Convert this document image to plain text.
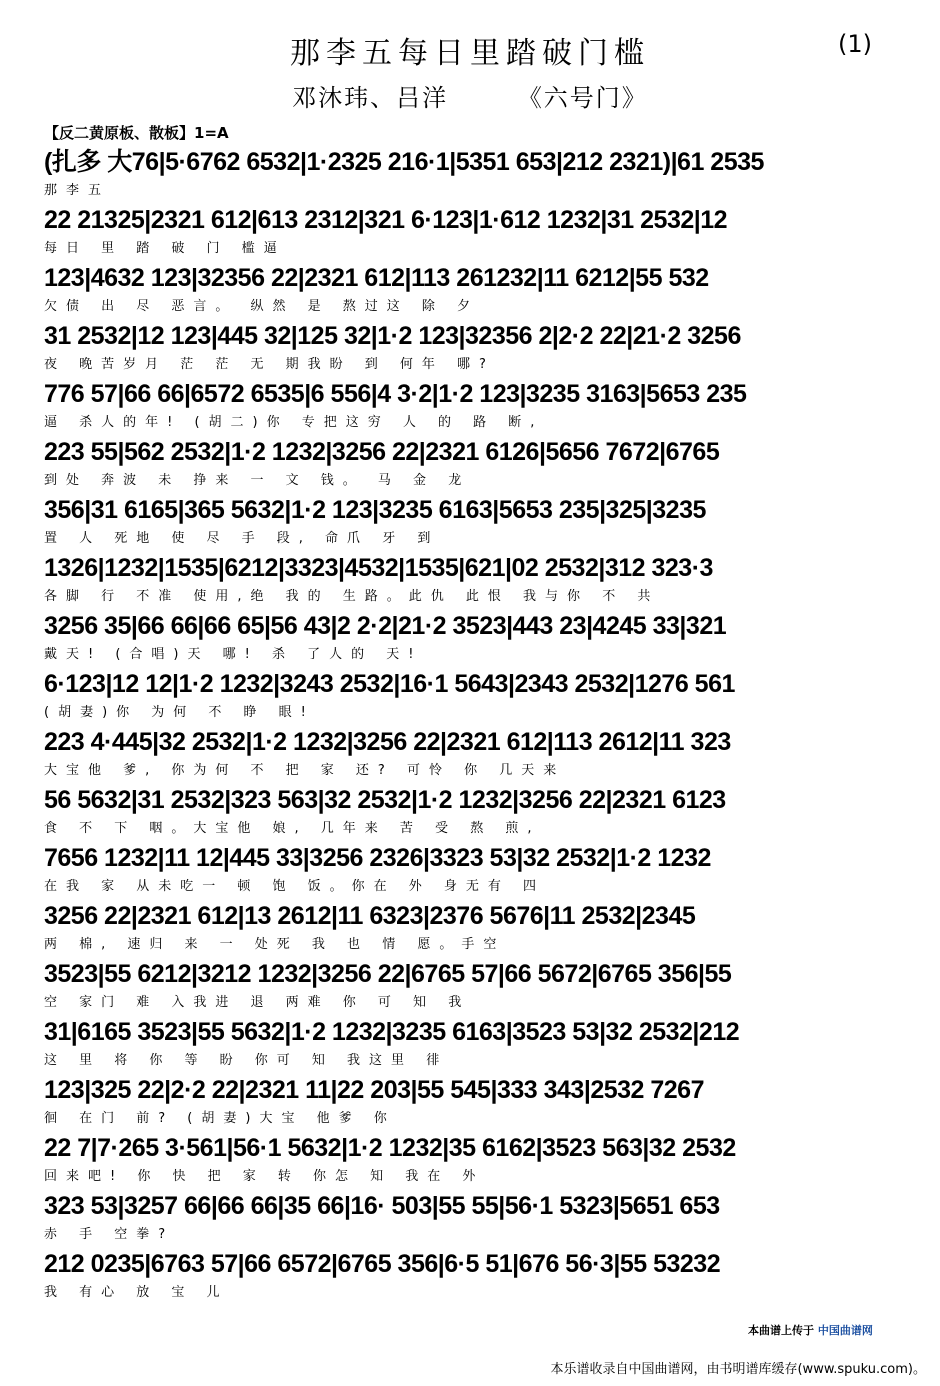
那李五每日里踏破门槛	(1)
邓沐玮、吕洋	《六号门》
【反二黄原板、散板】1=A
(扎多 大76|5·6762 6532|1·2325 216·1|5351 653|212 2321)|61 2535
那李五
22 21325|2321 612|613 2312|321 6·123|1·612 1232|31 2532|12
每日 里 踏 破 门 槛逼
123|4632 123|32356 22|2321 612|113 261232|11 6212|55 532
欠债 出 尽 恶言。 纵然 是 熬过这 除 夕
31 2532|12 123|445 32|125 32|1·2 123|32356 2|2·2 22|21·2 3256
夜 晚苦岁月 茫 茫 无 期我盼 到 何年 哪?
776 57|66 66|6572 6535|6 556|4 3·2|1·2 123|3235 3163|5653 235
逼 杀人的年! (胡二)你 专把这穷 人 的 路 断,
223 55|562 2532|1·2 1232|3256 22|2321 6126|5656 7672|6765
到处 奔波 未 挣来 一 文 钱。 马 金 龙
356|31 6165|365 5632|1·2 123|3235 6163|5653 235|325|3235
置 人 死地 使 尽 手 段, 命爪 牙 到
1326|1232|1535|6212|3323|4532|1535|621|02 2532|312 323·3
各脚 行 不准 使用,绝 我的 生路。此仇 此恨 我与你 不 共
3256 35|66 66|66 65|56 43|2 2·2|21·2 3523|443 23|4245 33|321
戴天! (合唱)天 哪! 杀 了人的 天!
6·123|12 12|1·2 1232|3243 2532|16·1 5643|2343 2532|1276 561
(胡妻)你 为何 不 睁 眼!
223 4·445|32 2532|1·2 1232|3256 22|2321 612|113 2612|11 323
大宝他 爹, 你为何 不 把 家 还? 可怜 你 几天来
56 5632|31 2532|323 563|32 2532|1·2 1232|3256 22|2321 6123
食 不 下 咽。大宝他 娘, 几年来 苦 受 熬 煎,
7656 1232|11 12|445 33|3256 2326|3323 53|32 2532|1·2 1232
在我 家 从未吃一 顿 饱 饭。你在 外 身无有 四
3256 22|2321 612|13 2612|11 6323|2376 5676|11 2532|2345
两 棉, 速归 来 一 处死 我 也 情 愿。手空
3523|55 6212|3212 1232|3256 22|6765 57|66 5672|6765 356|55
空 家门 难 入我进 退 两难 你 可 知 我
31|6165 3523|55 5632|1·2 1232|3235 6163|3523 53|32 2532|212
这 里 将 你 等 盼 你可 知 我这里 徘
123|325 22|2·2 22|2321 11|22 203|55 545|333 343|2532 7267
徊 在门 前? (胡妻)大宝 他爹 你
22 7|7·265 3·561|56·1 5632|1·2 1232|35 6162|3523 563|32 2532
回来吧! 你 快 把 家 转 你怎 知 我在 外
323 53|3257 66|66 66|35 66|16· 503|55 55|56·1 5323|5651 653
赤 手 空拳?
212 0235|6763 57|66 6572|6765 356|6·5 51|676 56·3|55 53232
我 有心 放 宝 儿
本曲谱上传于 中国曲谱网
本乐谱收录自中国曲谱网，由书明谱库缓存(www.spuku.com)。
